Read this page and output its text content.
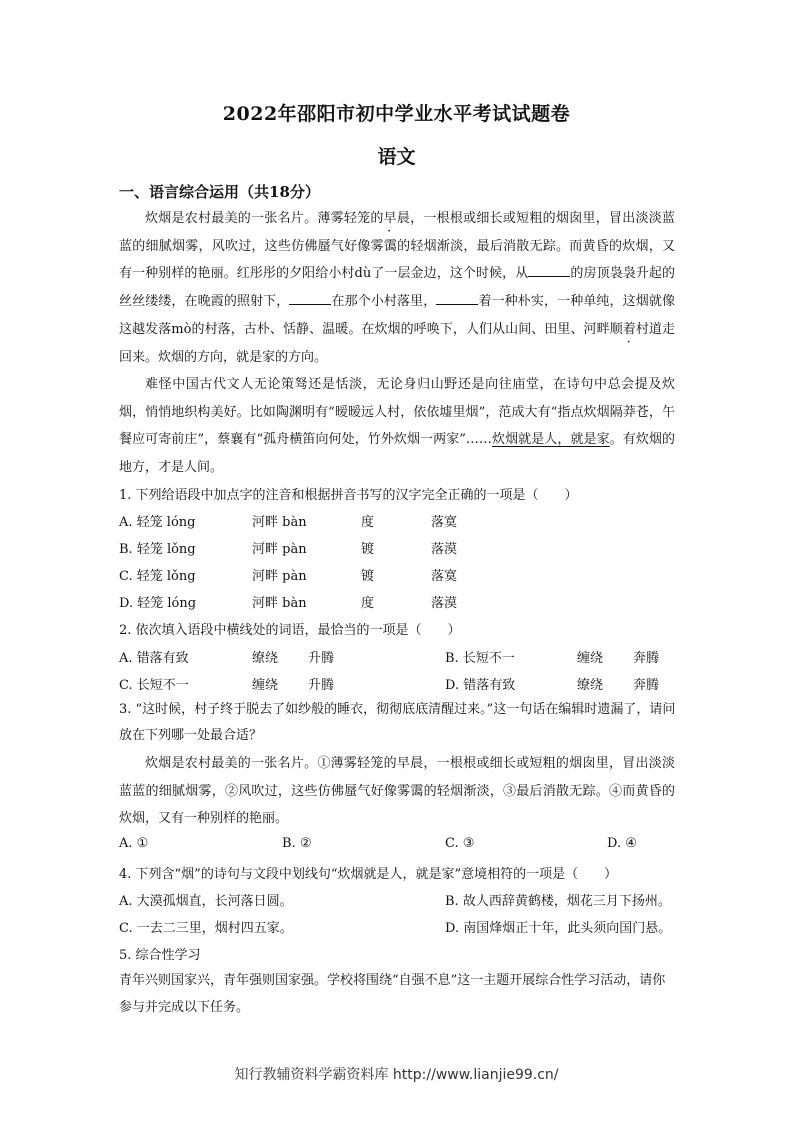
2022年邵阳市初中学业水平考试试题卷
语文
一、语言综合运用（共18分）
炊烟是农村最美的一张名片。薄雾轻笼 ·的早晨，一根根或细长或短粗的烟囱里，冒出淡淡蓝蓝的细腻烟雾，风吹过，这些仿佛蜃气好像雾霭的轻烟渐淡，最后消散无踪。而黄昏的炊烟，又有一种别样的艳丽。红彤彤的夕阳给小村dù了一层金边，这个时候，从	的房顶袅袅升起的丝丝缕缕，在晚霞的照射下，	在那个小村落里，	着一种朴实，一种单纯，这烟就像这越发落mò的村落，古朴、恬静、温暖。在炊烟的呼唤下，人们从山间、田里、河畔 ·顺着村道走回来。炊烟的方向，就是家的方向。
难怪中国古代文人无论策驽还是恬淡，无论身归山野还是向往庙堂，在诗句中总会提及炊烟，悄悄地织构美好。比如陶渊明有“暧暧远人村，依依墟里烟”，范成大有“指点炊烟隔莽苍，午餐应可寄前庄”，蔡襄有“孤舟横笛向何处，竹外炊烟一两家”……炊烟就是人，就是家。有炊烟的地方，才是人间。
1. 下列给语段中加点字的注音和根据拼音书写的汉字完全正确的一项是（　　）
A. 轻笼 lóng	河畔 bàn	度	落寞
B. 轻笼 lǒng	河畔 pàn	镀	落漠
C. 轻笼 lǒng	河畔 pàn	镀	落寞
D. 轻笼 lóng	河畔 bàn	度	落漠
2. 依次填入语段中横线处的词语，最恰当的一项是（　　）
A. 错落有致	缭绕 升腾	B. 长短不一	缠绕 奔腾
C. 长短不一	缠绕 升腾	D. 错落有致	缭绕 奔腾
3. “这时候，村子终于脱去了如纱般的睡衣，彻彻底底清醒过来。”这一句话在编辑时遗漏了，请问放在下列哪一处最合适？
炊烟是农村最美的一张名片。①薄雾轻笼的早晨，一根根或细长或短粗的烟囱里，冒出淡淡蓝蓝的细腻烟雾，②风吹过，这些仿佛蜃气好像雾霭的轻烟渐淡，③最后消散无踪。④而黄昏的炊烟，又有一种别样的艳丽。
A. ①	B. ②	C. ③	D. ④
4. 下列含“烟”的诗句与文段中划线句“炊烟就是人，就是家”意境相符的一项是（　　）
A. 大漠孤烟直，长河落日圆。	B. 故人西辞黄鹤楼，烟花三月下扬州。
C. 一去二三里，烟村四五家。	D. 南国烽烟正十年，此头须向国门悬。
5. 综合性学习
青年兴则国家兴，青年强则国家强。学校将围绕“自强不息”这一主题开展综合性学习活动，请你参与并完成以下任务。
知行教辅资料学霸资料库 http://www.lianjie99.cn/
